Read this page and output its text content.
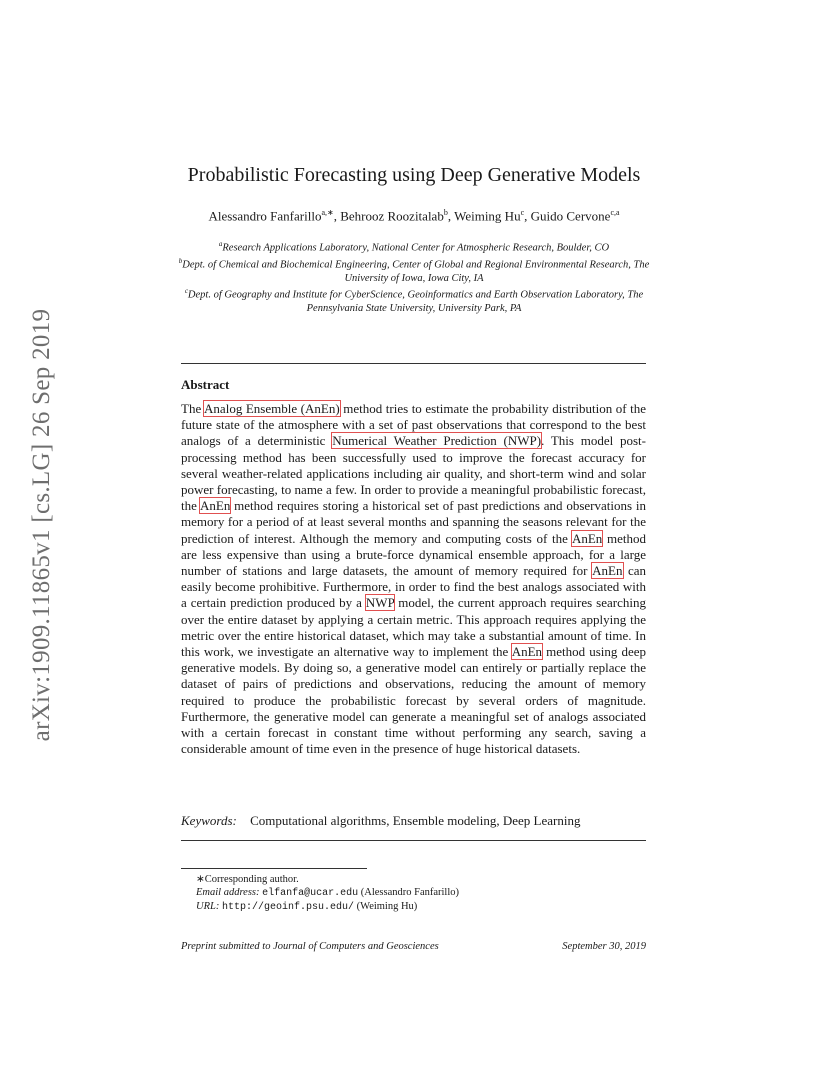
arXiv:1909.11865v1 [cs.LG] 26 Sep 2019
Probabilistic Forecasting using Deep Generative Models
Alessandro Fanfarillo$^{a,∗}$, Behrooz Roozitalab$^b$, Weiming Hu$^c$, Guido Cervone$^{c,a}$
$^a$Research Applications Laboratory, National Center for Atmospheric Research, Boulder, CO
$^b$Dept. of Chemical and Biochemical Engineering, Center of Global and Regional Environmental Research, The University of Iowa, Iowa City, IA
$^c$Dept. of Geography and Institute for CyberScience, Geoinformatics and Earth Observation Laboratory, The Pennsylvania State University, University Park, PA
Abstract

The Analog Ensemble (AnEn) method tries to estimate the probability distribution of the future state of the atmosphere with a set of past observations that correspond to the best analogs of a deterministic Numerical Weather Prediction (NWP). This model post-processing method has been successfully used to improve the forecast accuracy for several weather-related applications including air quality, and short-term wind and solar power forecasting, to name a few. In order to provide a meaningful probabilistic forecast, the AnEn method requires storing a historical set of past predictions and observations in memory for a period of at least several months and spanning the seasons relevant for the prediction of interest. Although the memory and computing costs of the AnEn method are less expensive than using a brute-force dynamical ensemble approach, for a large number of stations and large datasets, the amount of memory required for AnEn can easily become prohibitive. Furthermore, in order to find the best analogs associated with a certain prediction produced by a NWP model, the current approach requires searching over the entire dataset by applying a certain metric. This approach requires applying the metric over the entire historical dataset, which may take a substantial amount of time. In this work, we investigate an alternative way to implement the AnEn method using deep generative models. By doing so, a generative model can entirely or partially replace the dataset of pairs of predictions and observations, reducing the amount of memory required to produce the probabilistic forecast by several orders of magnitude. Furthermore, the generative model can generate a meaningful set of analogs associated with a certain forecast in constant time without performing any search, saving a considerable amount of time even in the presence of huge historical datasets.

Keywords: Computational algorithms, Ensemble modeling, Deep Learning
∗Corresponding author.
Email address: elfanfa@ucar.edu (Alessandro Fanfarillo)
URL: http://geoinf.psu.edu/ (Weiming Hu)
Preprint submitted to Journal of Computers and Geosciences	September 30, 2019
